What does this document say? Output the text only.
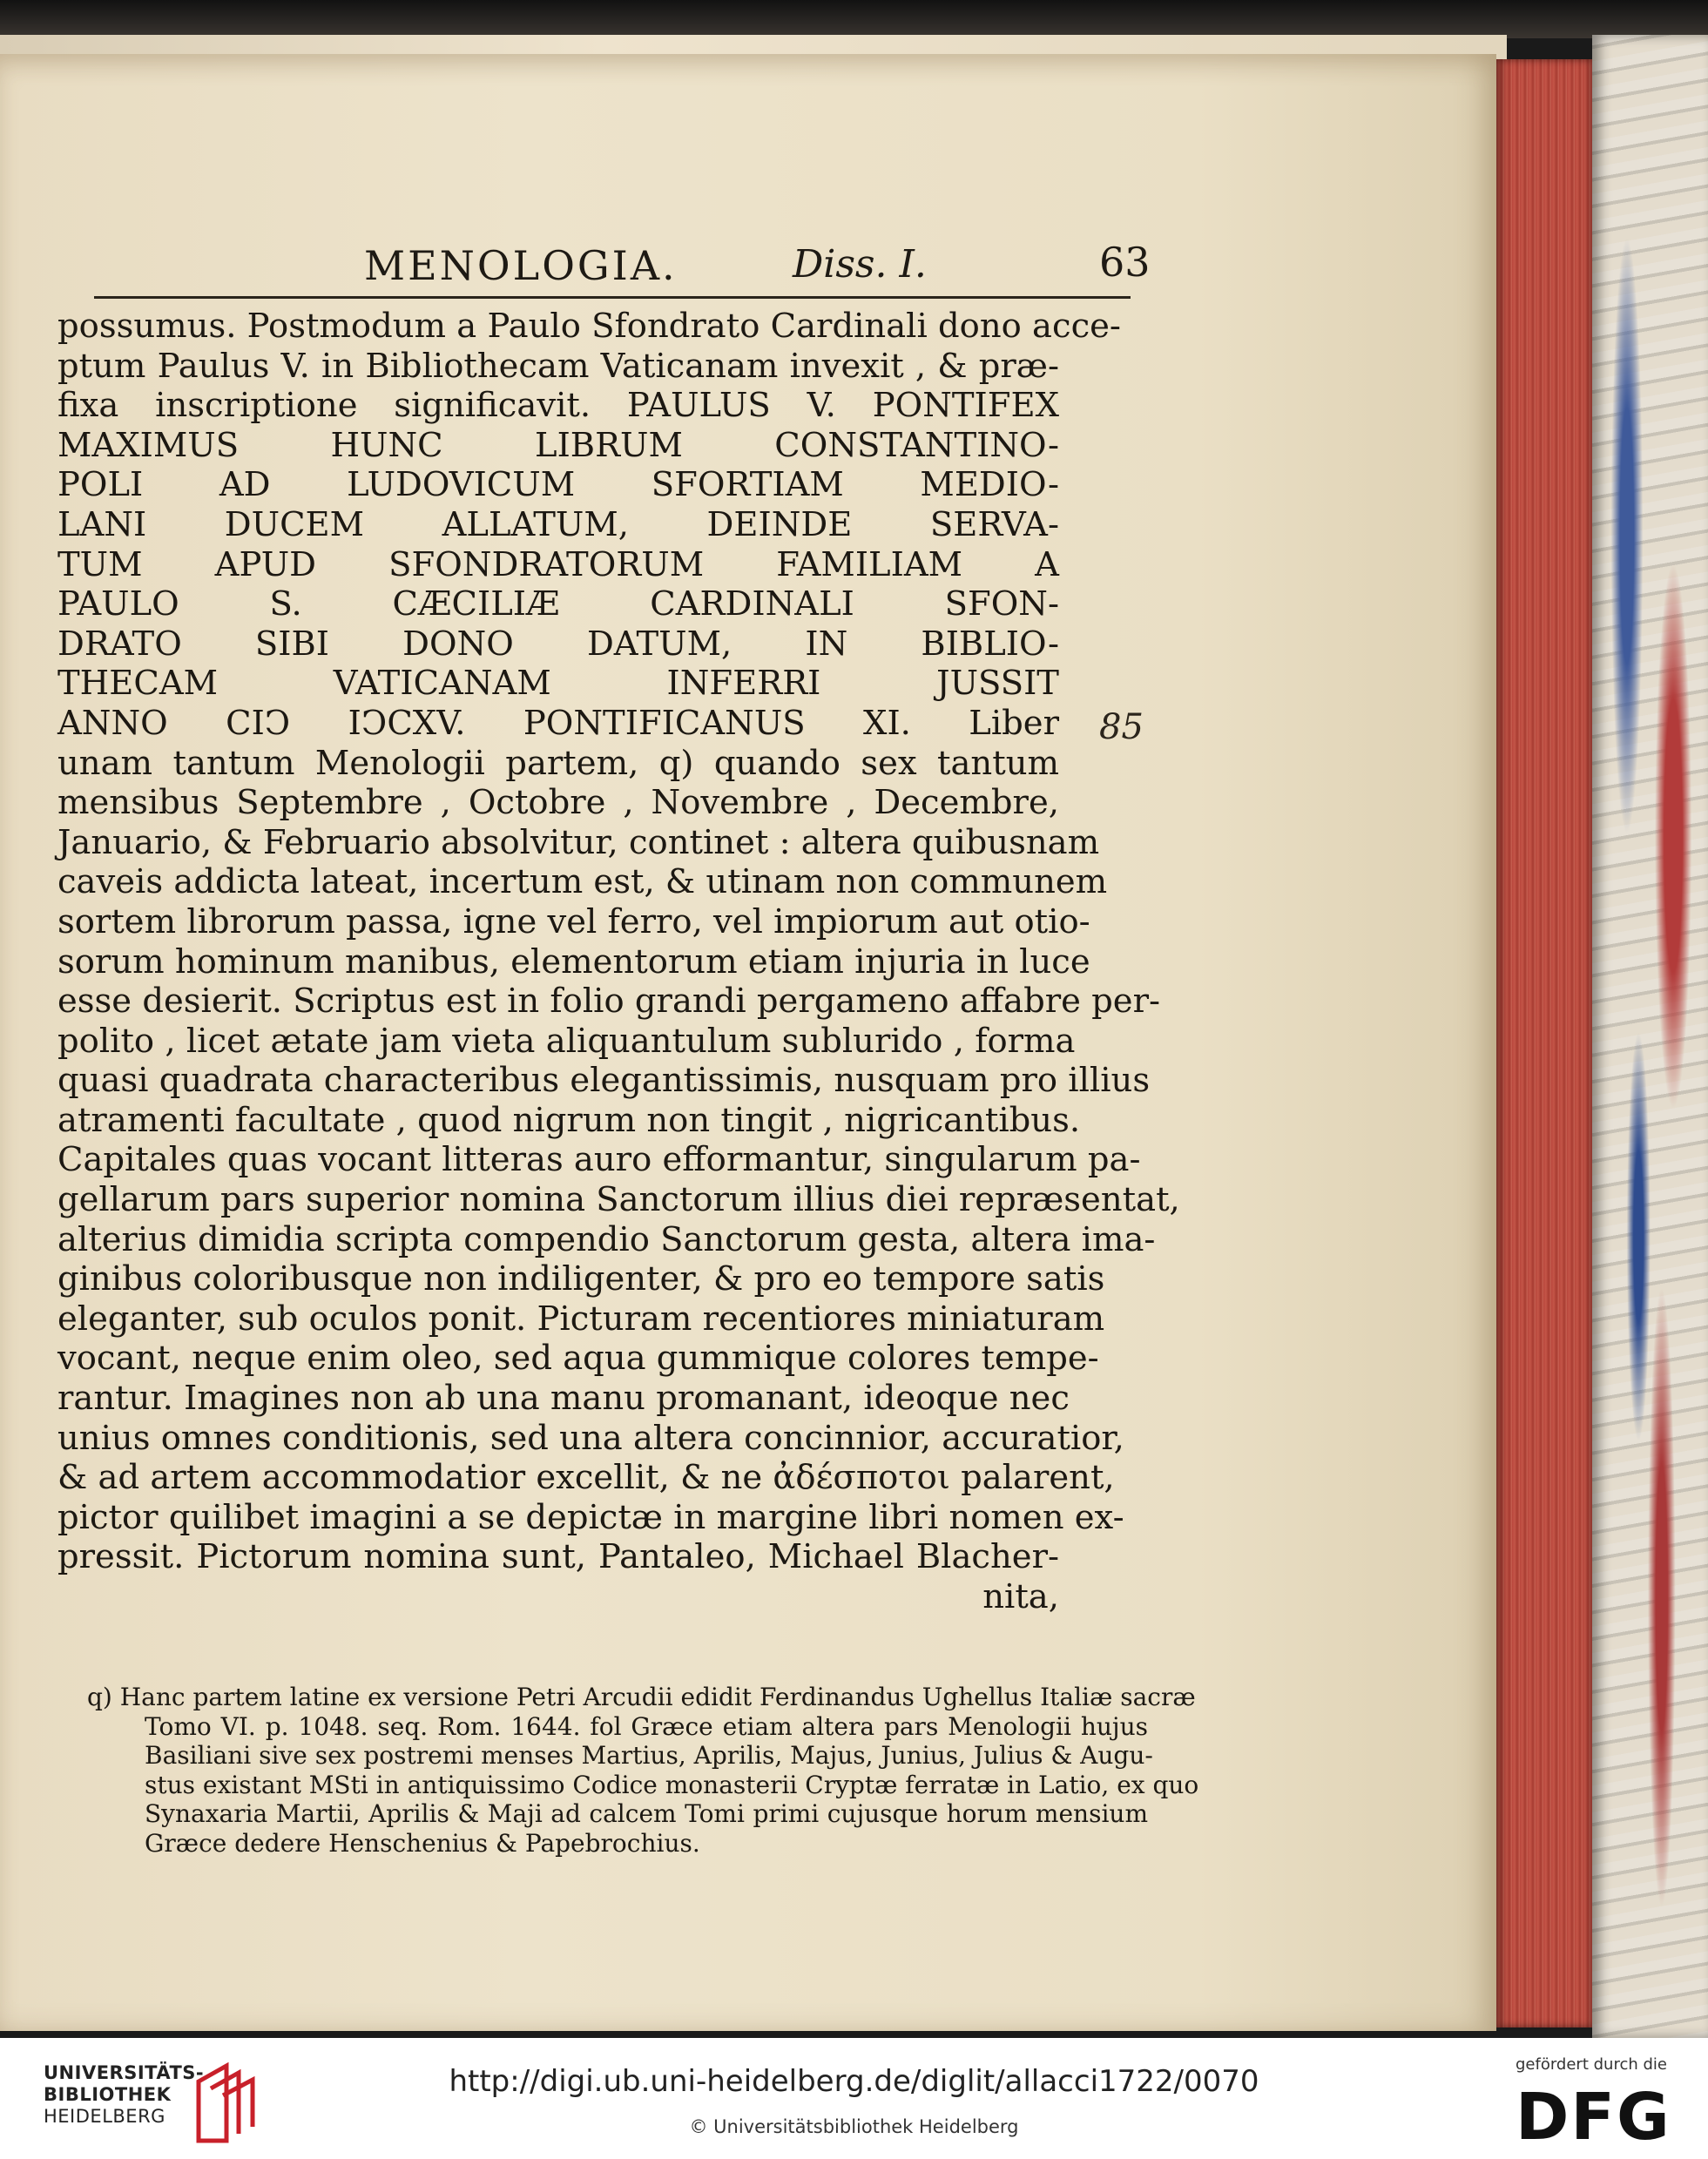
MENOLOGIA.	Diss. I.	63
possumus. Postmodum a Paulo Sfondrato Cardinali dono acce-
ptum Paulus V. in Bibliothecam Vaticanam invexit , & præ-
fixa inscriptione significavit. PAULUS V. PONTIFEX
MAXIMUS HUNC LIBRUM CONSTANTINO-
POLI AD LUDOVICUM SFORTIAM MEDIO-
LANI DUCEM ALLATUM, DEINDE SERVA-
TUM APUD SFONDRATORUM FAMILIAM A
PAULO S. CÆCILIÆ CARDINALI SFON-
DRATO SIBI DONO DATUM, IN BIBLIO-
THECAM VATICANAM INFERRI JUSSIT
ANNO CIↃ IↃCXV. PONTIFICANUS XI. Liber
unam tantum Menologii partem, q) quando sex tantum
mensibus Septembre , Octobre , Novembre , Decembre,
Januario, & Februario absolvitur, continet : altera quibusnam
caveis addicta lateat, incertum est, & utinam non communem
sortem librorum passa, igne vel ferro, vel impiorum aut otio-
sorum hominum manibus, elementorum etiam injuria in luce
esse desierit. Scriptus est in folio grandi pergameno affabre per-
polito , licet ætate jam vieta aliquantulum sublurido , forma
quasi quadrata characteribus elegantissimis, nusquam pro illius
atramenti facultate , quod nigrum non tingit , nigricantibus.
Capitales quas vocant litteras auro efformantur, singularum pa-
gellarum pars superior nomina Sanctorum illius diei repræsentat,
alterius dimidia scripta compendio Sanctorum gesta, altera ima-
ginibus coloribusque non indiligenter, & pro eo tempore satis
eleganter, sub oculos ponit. Picturam recentiores miniaturam
vocant, neque enim oleo, sed aqua gummique colores tempe-
rantur. Imagines non ab una manu promanant, ideoque nec
unius omnes conditionis, sed una altera concinnior, accuratior,
& ad artem accommodatior excellit, & ne ἀδέσποτοι palarent,
pictor quilibet imagini a se depictæ in margine libri nomen ex-
pressit. Pictorum nomina sunt, Pantaleo, Michael Blacher-
nita,
85
q) Hanc partem latine ex versione Petri Arcudii edidit Ferdinandus Ughellus Italiæ sacræ
Tomo VI. p. 1048. seq. Rom. 1644. fol Græce etiam altera pars Menologii hujus
Basiliani sive sex postremi menses Martius, Aprilis, Majus, Junius, Julius & Augu-
stus existant MSti in antiquissimo Codice monasterii Cryptæ ferratæ in Latio, ex quo
Synaxaria Martii, Aprilis & Maji ad calcem Tomi primi cujusque horum mensium
Græce dedere Henschenius & Papebrochius.
UNIVERSITÄTS-
BIBLIOTHEK
HEIDELBERG
http://digi.ub.uni-heidelberg.de/diglit/allacci1722/0070
© Universitätsbibliothek Heidelberg
gefördert durch die
DFG
